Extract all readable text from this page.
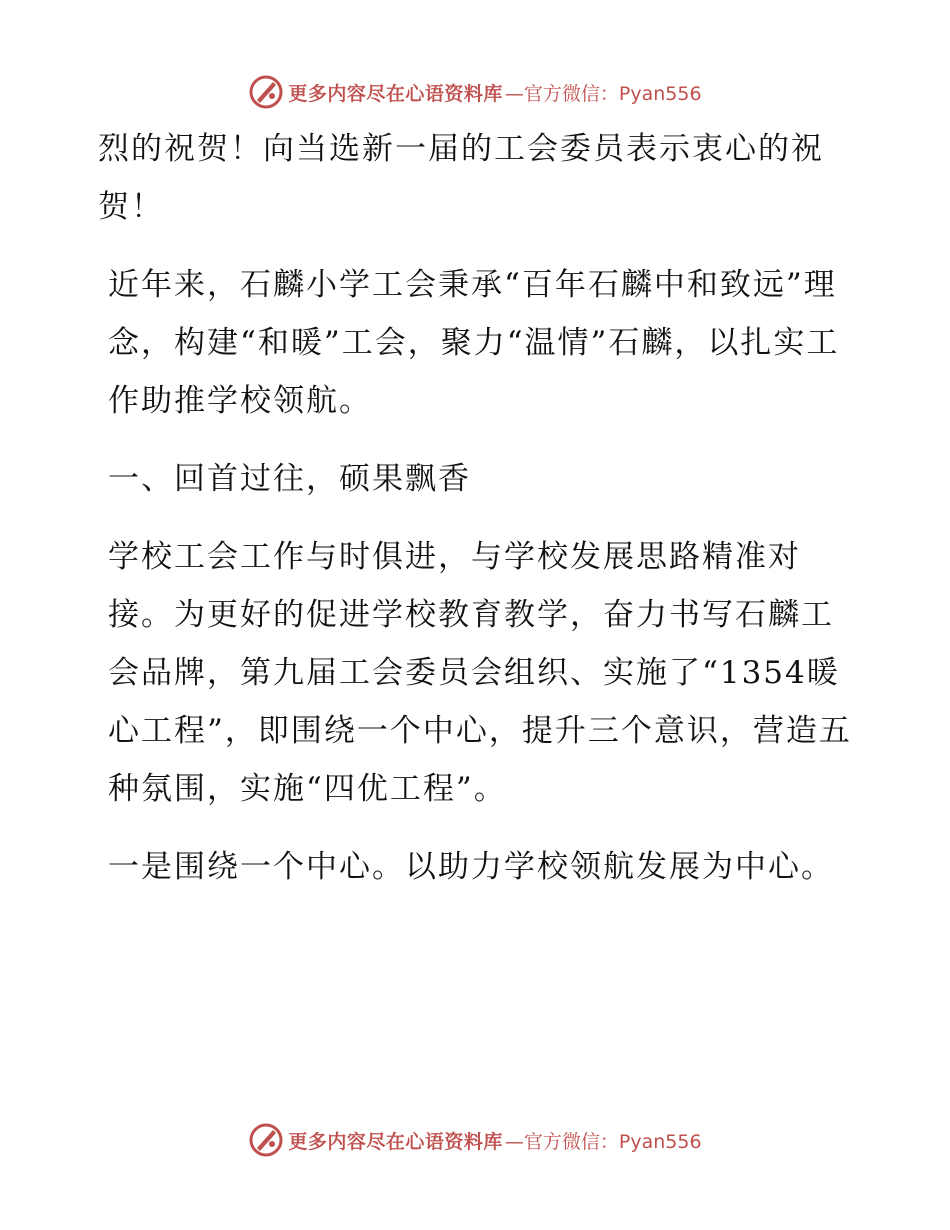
更多内容尽在心语资料库 —官方微信：Pyan556

烈的祝贺！向当选新一届的工会委员表示衷心的祝贺！

近年来，石麟小学工会秉承“百年石麟中和致远”理念，构建“和暖”工会，聚力“温情”石麟，以扎实工作助推学校领航。

一、回首过往，硕果飘香

学校工会工作与时俱进，与学校发展思路精准对接。为更好的促进学校教育教学，奋力书写石麟工会品牌，第九届工会委员会组织、实施了“1354暖心工程”，即围绕一个中心，提升三个意识，营造五种氛围，实施“四优工程”。

一是围绕一个中心。以助力学校领航发展为中心。

更多内容尽在心语资料库 —官方微信：Pyan556
